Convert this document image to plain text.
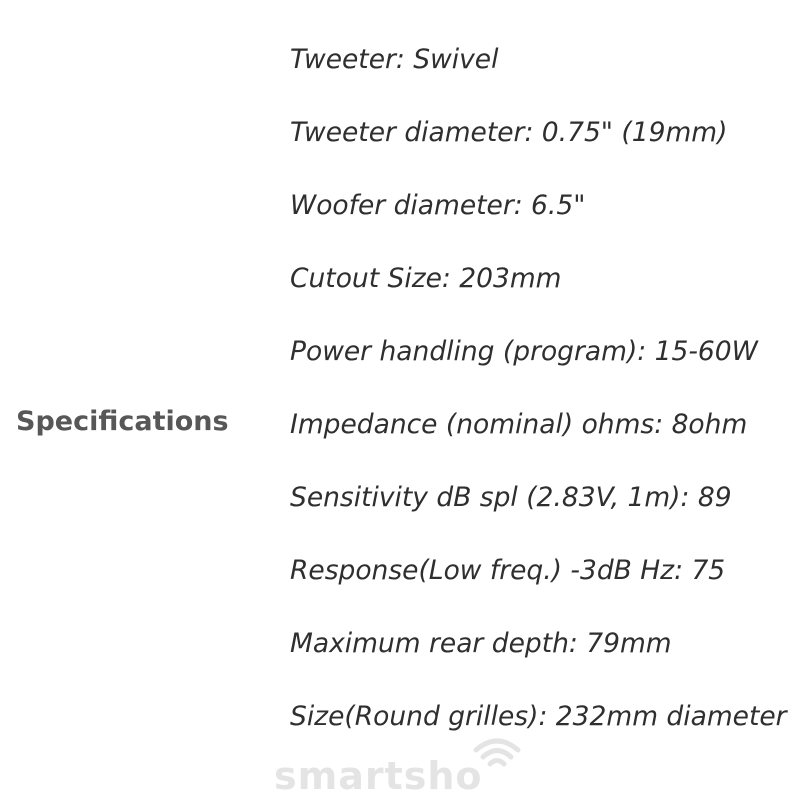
Specifications
Tweeter: Swivel
Tweeter diameter: 0.75" (19mm)
Woofer diameter: 6.5"
Cutout Size: 203mm
Power handling (program): 15-60W
Impedance (nominal) ohms: 8ohm
Sensitivity dB spl (2.83V, 1m): 89
Response(Low freq.) -3dB Hz: 75
Maximum rear depth: 79mm
Size(Round grilles): 232mm diameter
smartsho
